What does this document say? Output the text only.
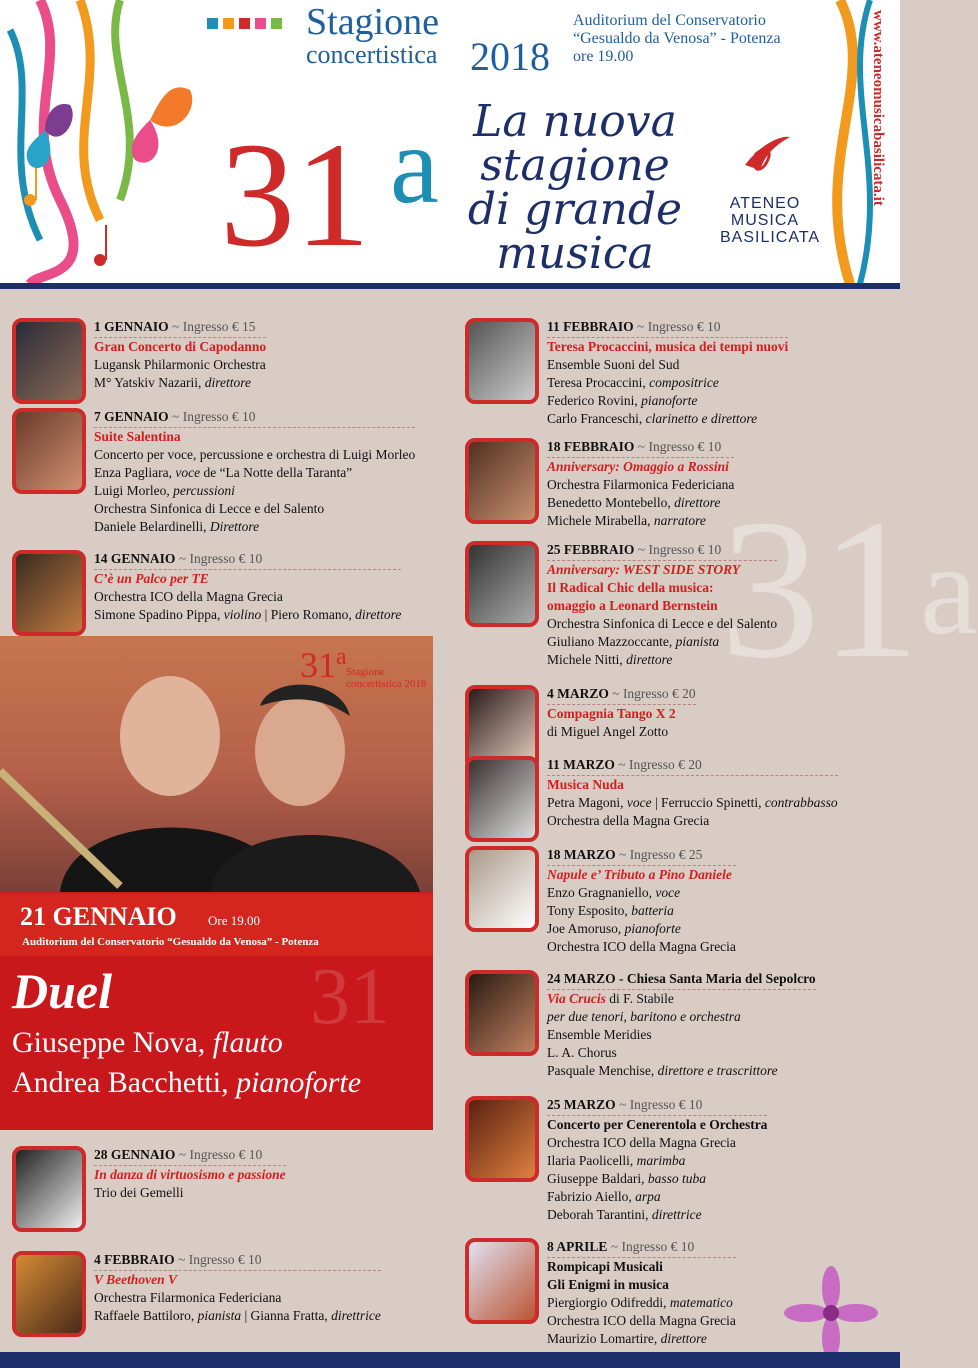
Stagione
concertistica 2018
Auditorium del Conservatorio
“Gesualdo da Venosa” - Potenza
ore 19.00
31 a La nuova
stagione
di grande
musica
ATENEO
MUSICA
BASILICATA
www.ateneomusicabasilicata.it
31$^a$
1 GENNAIO ~ Ingresso € 15
Gran Concerto di Capodanno
Lugansk Philarmonic Orchestra
M° Yatskiv Nazarii, direttore
7 GENNAIO ~ Ingresso € 10
Suite Salentina
Concerto per voce, percussione e orchestra di Luigi Morleo
Enza Pagliara, voce de “La Notte della Taranta”
Luigi Morleo, percussioni
Orchestra Sinfonica di Lecce e del Salento
Daniele Belardinelli, Direttore
14 GENNAIO ~ Ingresso € 10
C’è un Palco per TE
Orchestra ICO della Magna Grecia
Simone Spadino Pippa, violino | Piero Romano, direttore
28 GENNAIO ~ Ingresso € 10
In danza di virtuosismo e passione
Trio dei Gemelli
4 FEBBRAIO ~ Ingresso € 10
V Beethoven V
Orchestra Filarmonica Federiciana
Raffaele Battiloro, pianista | Gianna Fratta, direttrice
31$^a$
Stagione
concertistica 2018
21 GENNAIO Ore 19.00
Auditorium del Conservatorio “Gesualdo da Venosa” - Potenza
31
Duel
Giuseppe Nova, flauto
Andrea Bacchetti, pianoforte
11 FEBBRAIO ~ Ingresso € 10
Teresa Procaccini, musica dei tempi nuovi
Ensemble Suoni del Sud
Teresa Procaccini, compositrice
Federico Rovini, pianoforte
Carlo Franceschi, clarinetto e direttore
18 FEBBRAIO ~ Ingresso € 10
Anniversary: Omaggio a Rossini
Orchestra Filarmonica Federiciana
Benedetto Montebello, direttore
Michele Mirabella, narratore
25 FEBBRAIO ~ Ingresso € 10
Anniversary: WEST SIDE STORY
Il Radical Chic della musica:
omaggio a Leonard Bernstein
Orchestra Sinfonica di Lecce e del Salento
Giuliano Mazzoccante, pianista
Michele Nitti, direttore
4 MARZO ~ Ingresso € 20
Compagnia Tango X 2
di Miguel Angel Zotto
11 MARZO ~ Ingresso € 20
Musica Nuda
Petra Magoni, voce | Ferruccio Spinetti, contrabbasso
Orchestra della Magna Grecia
18 MARZO ~ Ingresso € 25
Napule e’ Tributo a Pino Daniele
Enzo Gragnaniello, voce
Tony Esposito, batteria
Joe Amoruso, pianoforte
Orchestra ICO della Magna Grecia
24 MARZO - Chiesa Santa Maria del Sepolcro
Via Crucis di F. Stabile
per due tenori, baritono e orchestra
Ensemble Meridies
L. A. Chorus
Pasquale Menchise, direttore e trascrittore
25 MARZO ~ Ingresso € 10
Concerto per Cenerentola e Orchestra
Orchestra ICO della Magna Grecia
Ilaria Paolicelli, marimba
Giuseppe Baldari, basso tuba
Fabrizio Aiello, arpa
Deborah Tarantini, direttrice
8 APRILE ~ Ingresso € 10
Rompicapi Musicali
Gli Enigmi in musica
Piergiorgio Odifreddi, matematico
Orchestra ICO della Magna Grecia
Maurizio Lomartire, direttore
